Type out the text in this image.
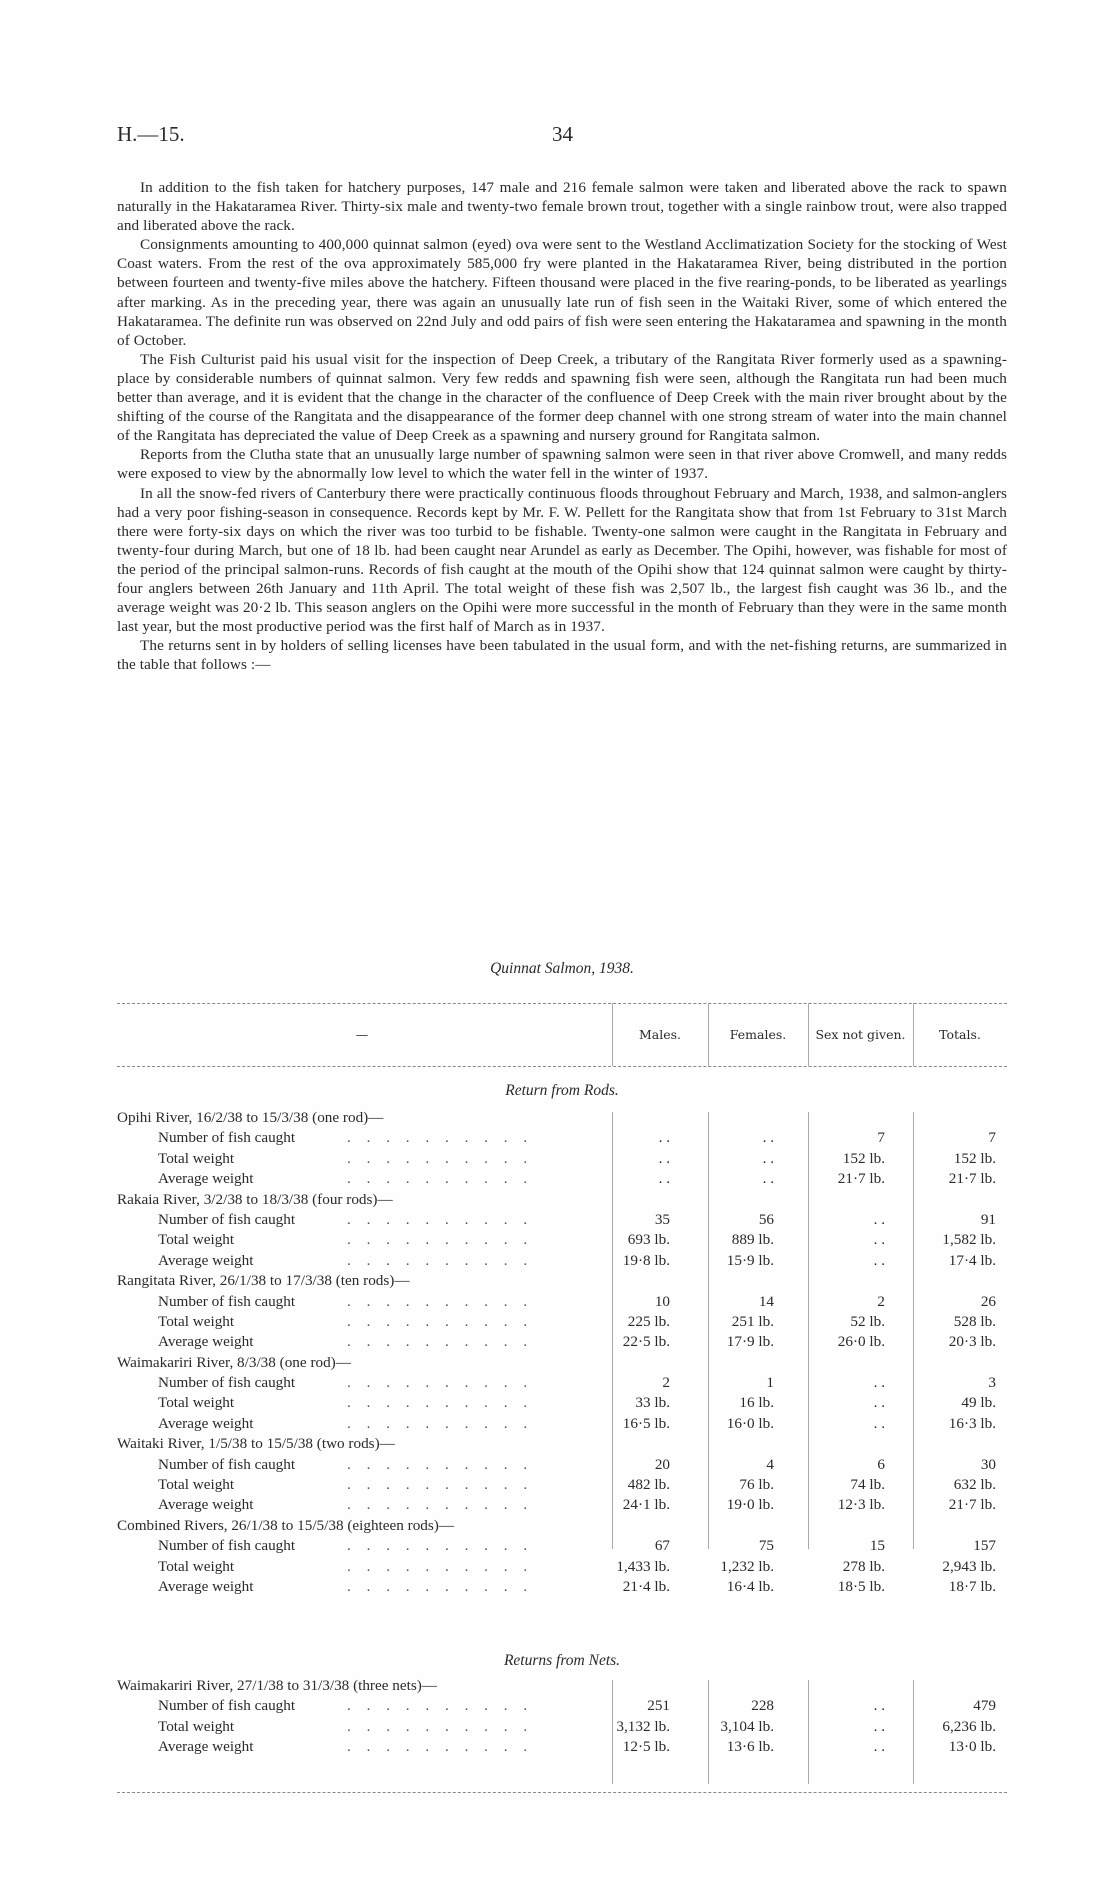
H.—15.	34

In addition to the fish taken for hatchery purposes, 147 male and 216 female salmon were taken and liberated above the rack to spawn naturally in the Hakataramea River. Thirty-six male and twenty-two female brown trout, together with a single rainbow trout, were also trapped and liberated above the rack.

Consignments amounting to 400,000 quinnat salmon (eyed) ova were sent to the Westland Acclimatization Society for the stocking of West Coast waters. From the rest of the ova approximately 585,000 fry were planted in the Hakataramea River, being distributed in the portion between fourteen and twenty-five miles above the hatchery. Fifteen thousand were placed in the five rearing-ponds, to be liberated as yearlings after marking. As in the preceding year, there was again an unusually late run of fish seen in the Waitaki River, some of which entered the Hakataramea. The definite run was observed on 22nd July and odd pairs of fish were seen entering the Hakataramea and spawning in the month of October.

The Fish Culturist paid his usual visit for the inspection of Deep Creek, a tributary of the Rangitata River formerly used as a spawning-place by considerable numbers of quinnat salmon. Very few redds and spawning fish were seen, although the Rangitata run had been much better than average, and it is evident that the change in the character of the confluence of Deep Creek with the main river brought about by the shifting of the course of the Rangitata and the disappearance of the former deep channel with one strong stream of water into the main channel of the Rangitata has depreciated the value of Deep Creek as a spawning and nursery ground for Rangitata salmon.

Reports from the Clutha state that an unusually large number of spawning salmon were seen in that river above Cromwell, and many redds were exposed to view by the abnormally low level to which the water fell in the winter of 1937.

In all the snow-fed rivers of Canterbury there were practically continuous floods throughout February and March, 1938, and salmon-anglers had a very poor fishing-season in consequence. Records kept by Mr. F. W. Pellett for the Rangitata show that from 1st February to 31st March there were forty-six days on which the river was too turbid to be fishable. Twenty-one salmon were caught in the Rangitata in February and twenty-four during March, but one of 18 lb. had been caught near Arundel as early as December. The Opihi, however, was fishable for most of the period of the principal salmon-runs. Records of fish caught at the mouth of the Opihi show that 124 quinnat salmon were caught by thirty-four anglers between 26th January and 11th April. The total weight of these fish was 2,507 lb., the largest fish caught was 36 lb., and the average weight was 20·2 lb. This season anglers on the Opihi were more successful in the month of February than they were in the same month last year, but the most productive period was the first half of March as in 1937.

The returns sent in by holders of selling licenses have been tabulated in the usual form, and with the net-fishing returns, are summarized in the table that follows :—

Quinnat Salmon, 1938.
—	Males.	Females.	Sex not given.	Totals.
Return from Rods.
Opihi River, 16/2/38 to 15/3/38 (one rod)—
Number of fish caught	. . . . . . . . . .	. .	. .	7	7
Total weight	. . . . . . . . . .	. .	. .	152 lb.	152 lb.
Average weight	. . . . . . . . . .	. .	. .	21·7 lb.	21·7 lb.
Rakaia River, 3/2/38 to 18/3/38 (four rods)—
Number of fish caught	. . . . . . . . . .	35	56	. .	91
Total weight	. . . . . . . . . .	693 lb.	889 lb.	. .	1,582 lb.
Average weight	. . . . . . . . . .	19·8 lb.	15·9 lb.	. .	17·4 lb.
Rangitata River, 26/1/38 to 17/3/38 (ten rods)—
Number of fish caught	. . . . . . . . . .	10	14	2	26
Total weight	. . . . . . . . . .	225 lb.	251 lb.	52 lb.	528 lb.
Average weight	. . . . . . . . . .	22·5 lb.	17·9 lb.	26·0 lb.	20·3 lb.
Waimakariri River, 8/3/38 (one rod)—
Number of fish caught	. . . . . . . . . .	2	1	. .	3
Total weight	. . . . . . . . . .	33 lb.	16 lb.	. .	49 lb.
Average weight	. . . . . . . . . .	16·5 lb.	16·0 lb.	. .	16·3 lb.
Waitaki River, 1/5/38 to 15/5/38 (two rods)—
Number of fish caught	. . . . . . . . . .	20	4	6	30
Total weight	. . . . . . . . . .	482 lb.	76 lb.	74 lb.	632 lb.
Average weight	. . . . . . . . . .	24·1 lb.	19·0 lb.	12·3 lb.	21·7 lb.
Combined Rivers, 26/1/38 to 15/5/38 (eighteen rods)—
Number of fish caught	. . . . . . . . . .	67	75	15	157
Total weight	. . . . . . . . . .	1,433 lb.	1,232 lb.	278 lb.	2,943 lb.
Average weight	. . . . . . . . . .	21·4 lb.	16·4 lb.	18·5 lb.	18·7 lb.
Returns from Nets.
Waimakariri River, 27/1/38 to 31/3/38 (three nets)—
Number of fish caught	. . . . . . . . . .	251	228	. .	479
Total weight	. . . . . . . . . .	3,132 lb.	3,104 lb.	. .	6,236 lb.
Average weight	. . . . . . . . . .	12·5 lb.	13·6 lb.	. .	13·0 lb.
